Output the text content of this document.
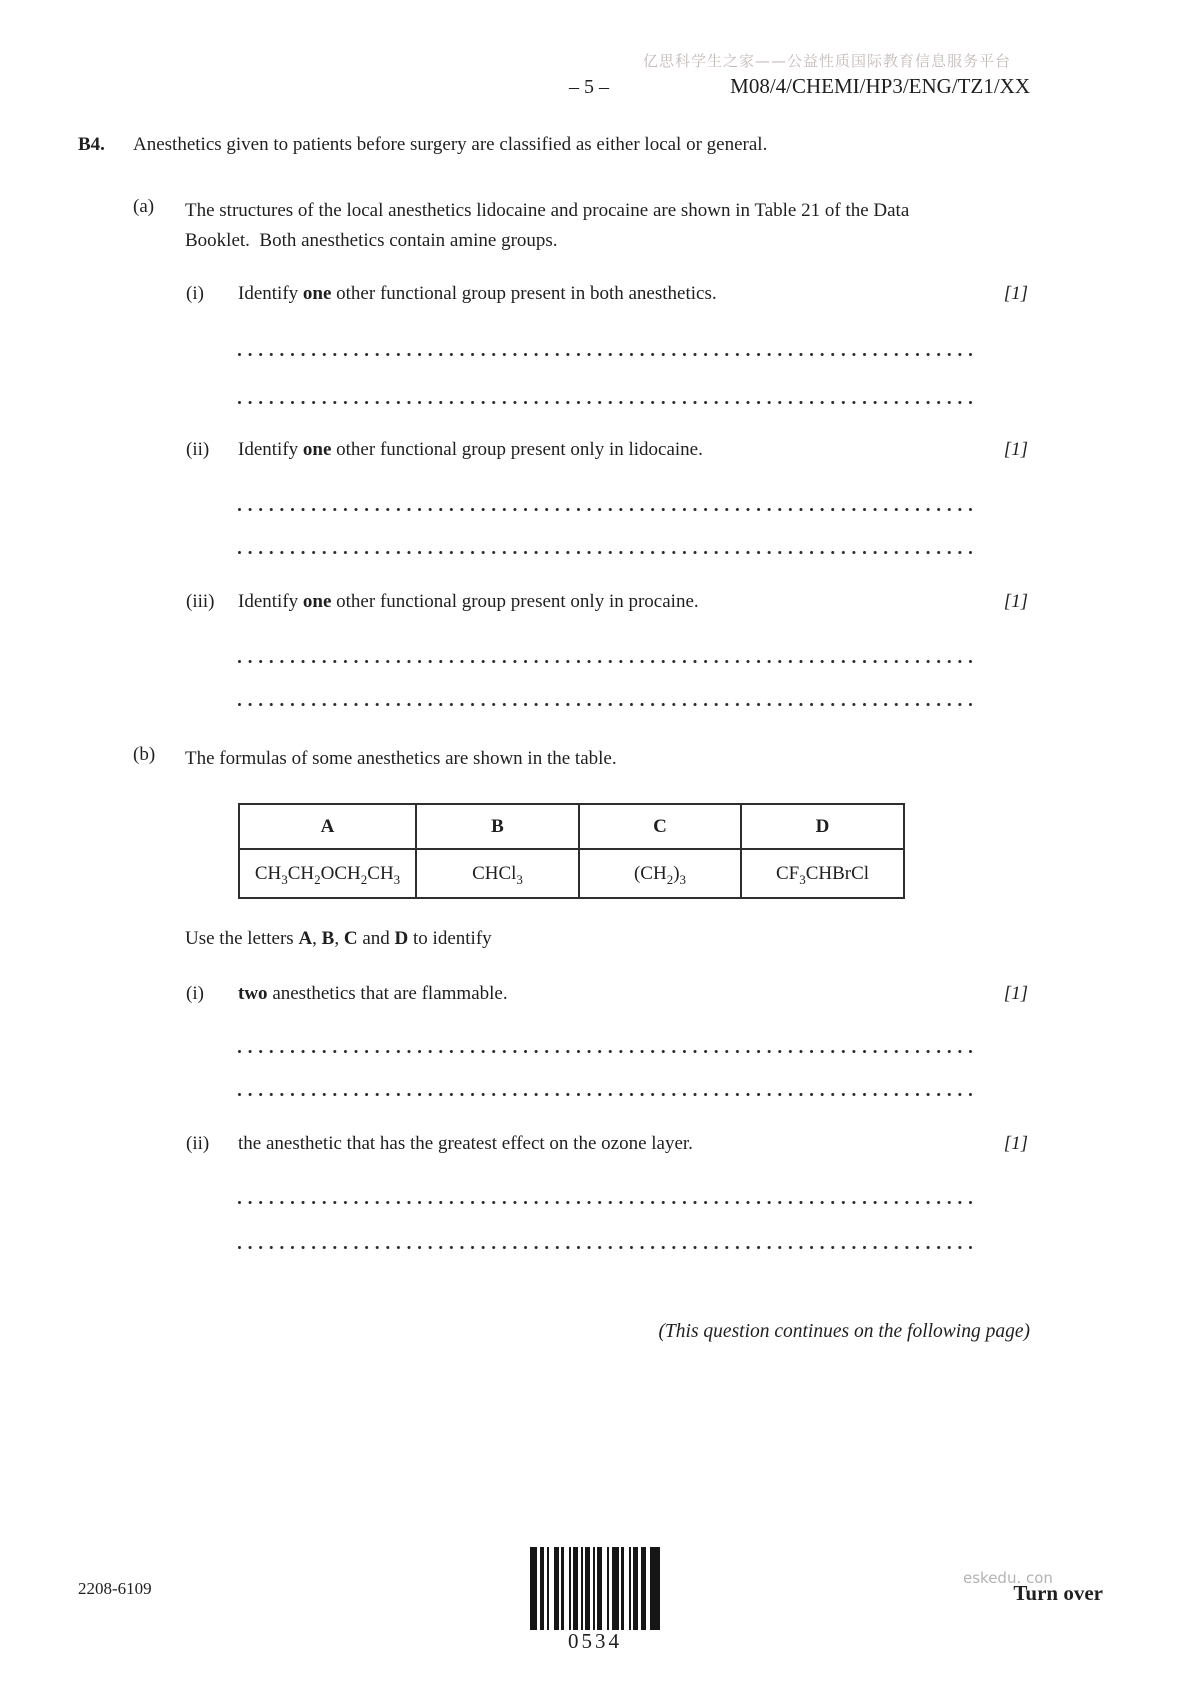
亿思科学生之家——公益性质国际教育信息服务平台
– 5 –	M08/4/CHEMI/HP3/ENG/TZ1/XX
B4. Anesthetics given to patients before surgery are classified as either local or general.
(a) The structures of the local anesthetics lidocaine and procaine are shown in Table 21 of the Data Booklet.  Both anesthetics contain amine groups.
(i) Identify one other functional group present in both anesthetics.	[1]
(ii) Identify one other functional group present only in lidocaine.	[1]
(iii) Identify one other functional group present only in procaine.	[1]
(b) The formulas of some anesthetics are shown in the table.
A	B	C	D
$CH_3CH_2OCH_2CH_3$	CHCl$_3$	$(CH_2)_3$	$CF_3CHBrCl$
Use the letters A, B, C and D to identify
(i) two anesthetics that are flammable.	[1]
(ii) the anesthetic that has the greatest effect on the ozone layer.	[1]
(This question continues on the following page)
2208-6109
0534
eskedu. con
Turn over
